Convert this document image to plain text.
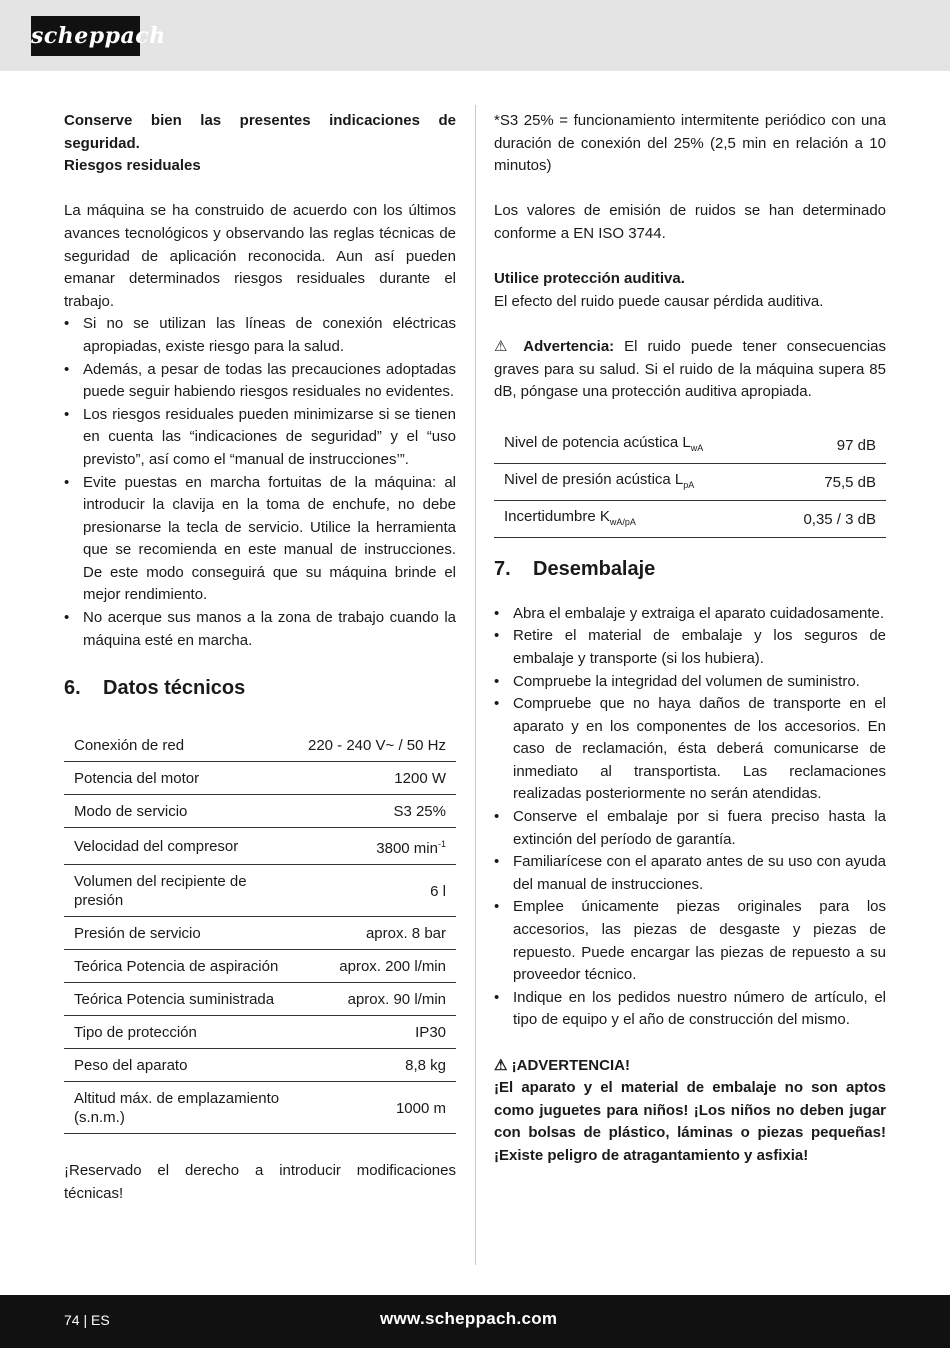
scheppach

Conserve bien las presentes indicaciones de seguridad.

Riesgos residuales

La máquina se ha construido de acuerdo con los últimos avances tecnológicos y observando las reglas técnicas de seguridad de aplicación reconocida. Aun así pueden emanar determinados riesgos residuales durante el trabajo.

• Si no se utilizan las líneas de conexión eléctricas apropiadas, existe riesgo para la salud.
• Además, a pesar de todas las precauciones adoptadas puede seguir habiendo riesgos residuales no evidentes.
• Los riesgos residuales pueden minimizarse si se tienen en cuenta las “indicaciones de seguridad” y el “uso previsto”, así como el “manual de instrucciones’”.
• Evite puestas en marcha fortuitas de la máquina: al introducir la clavija en la toma de enchufe, no debe presionarse la tecla de servicio. Utilice la herramienta que se recomienda en este manual de instrucciones. De este modo conseguirá que su máquina brinde el mejor rendimiento.
• No acerque sus manos a la zona de trabajo cuando la máquina esté en marcha.
6. Datos técnicos
Conexión de red	220 - 240 V~ / 50 Hz
Potencia del motor	1200 W
Modo de servicio	S3 25%
Velocidad del compresor	3800 $\min^{-1}$
Volumen del recipiente de presión	6 l
Presión de servicio	aprox. 8 bar
Teórica Potencia de aspiración	aprox. 200 l/min
Teórica Potencia suministrada	aprox. 90 l/min
Tipo de protección	IP30
Peso del aparato	8,8 kg
Altitud máx. de emplazamiento (s.n.m.)	1000 m

¡Reservado el derecho a introducir modificaciones técnicas!

*S3 25% = funcionamiento intermitente periódico con una duración de conexión del 25% (2,5 min en relación a 10 minutos)

Los valores de emisión de ruidos se han determinado conforme a EN ISO 3744.

Utilice protección auditiva.

El efecto del ruido puede causar pérdida auditiva.

⚠ Advertencia: El ruido puede tener consecuencias graves para su salud. Si el ruido de la máquina supera 85 dB, póngase una protección auditiva apropiada.

Nivel de potencia acústica $L_{wA}$	97 dB
Nivel de presión acústica $L_{pA}$	75,5 dB
Incertidumbre $K_{wA/pA}$	0,35 / 3 dB
7. Desembalaje
• Abra el embalaje y extraiga el aparato cuidadosamente.
• Retire el material de embalaje y los seguros de embalaje y transporte (si los hubiera).
• Compruebe la integridad del volumen de suministro.
• Compruebe que no haya daños de transporte en el aparato y en los componentes de los accesorios. En caso de reclamación, ésta deberá comunicarse de inmediato al transportista. Las reclamaciones realizadas posteriormente no serán atendidas.
• Conserve el embalaje por si fuera preciso hasta la extinción del período de garantía.
• Familiarícese con el aparato antes de su uso con ayuda del manual de instrucciones.
• Emplee únicamente piezas originales para los accesorios, las piezas de desgaste y piezas de repuesto. Puede encargar las piezas de repuesto a su proveedor técnico.
• Indique en los pedidos nuestro número de artículo, el tipo de equipo y el año de construcción del mismo.

⚠ ¡ADVERTENCIA!

¡El aparato y el material de embalaje no son aptos como juguetes para niños! ¡Los niños no deben jugar con bolsas de plástico, láminas o piezas pequeñas! ¡Existe peligro de atragantamiento y asfixia!

74 | ES	www.scheppach.com
